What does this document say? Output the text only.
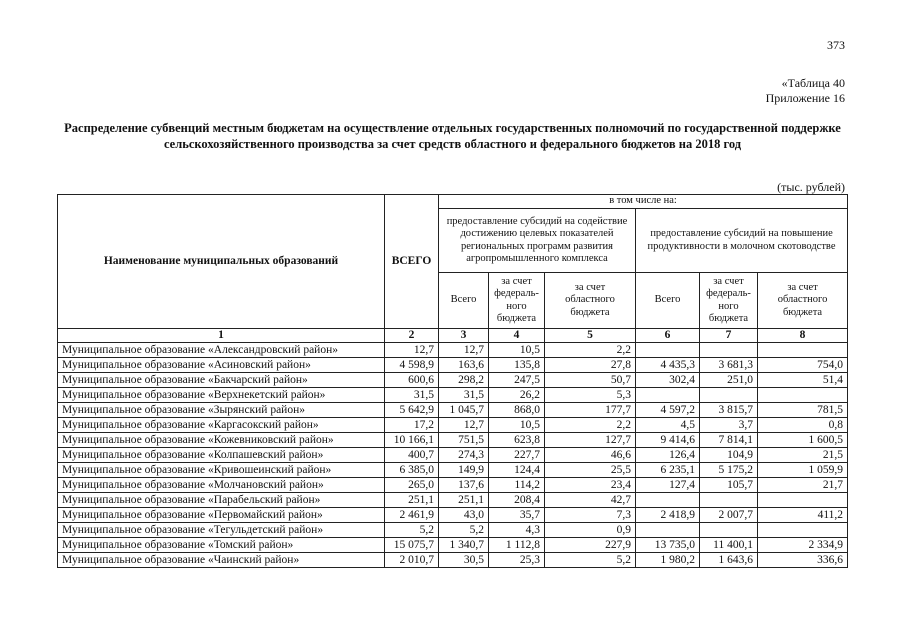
373
«Таблица 40
Приложение 16
Распределение субвенций местным бюджетам на осуществление отдельных государственных полномочий по государственной поддержке сельскохозяйственного производства за счет средств областного и федерального бюджетов на 2018 год
(тыс. рублей)
Наименование муниципальных образований	ВСЕГО	в том числе на:					
		предоставление субсидий на содействие достижению целевых показателей региональных программ развития агропромышленного комплекса			предоставление субсидий на повышение продуктивности в молочном скотоводстве		
		Всего	за счет федераль-ного бюджета	за счет областного бюджета	Всего	за счет федераль-ного бюджета	за счет областного бюджета
1	2	3	4	5	6	7	8
Муниципальное образование «Александровский район»	12,7	12,7	10,5	2,2			
Муниципальное образование «Асиновский район»	4 598,9	163,6	135,8	27,8	4 435,3	3 681,3	754,0
Муниципальное образование «Бакчарский район»	600,6	298,2	247,5	50,7	302,4	251,0	51,4
Муниципальное образование «Верхнекетский район»	31,5	31,5	26,2	5,3			
Муниципальное образование «Зырянский район»	5 642,9	1 045,7	868,0	177,7	4 597,2	3 815,7	781,5
Муниципальное образование «Каргасокский район»	17,2	12,7	10,5	2,2	4,5	3,7	0,8
Муниципальное образование «Кожевниковский район»	10 166,1	751,5	623,8	127,7	9 414,6	7 814,1	1 600,5
Муниципальное образование «Колпашевский район»	400,7	274,3	227,7	46,6	126,4	104,9	21,5
Муниципальное образование «Кривошеинский район»	6 385,0	149,9	124,4	25,5	6 235,1	5 175,2	1 059,9
Муниципальное образование «Молчановский район»	265,0	137,6	114,2	23,4	127,4	105,7	21,7
Муниципальное образование «Парабельский район»	251,1	251,1	208,4	42,7			
Муниципальное образование «Первомайский район»	2 461,9	43,0	35,7	7,3	2 418,9	2 007,7	411,2
Муниципальное образование «Тегульдетский район»	5,2	5,2	4,3	0,9			
Муниципальное образование «Томский район»	15 075,7	1 340,7	1 112,8	227,9	13 735,0	11 400,1	2 334,9
Муниципальное образование «Чаинский район»	2 010,7	30,5	25,3	5,2	1 980,2	1 643,6	336,6
